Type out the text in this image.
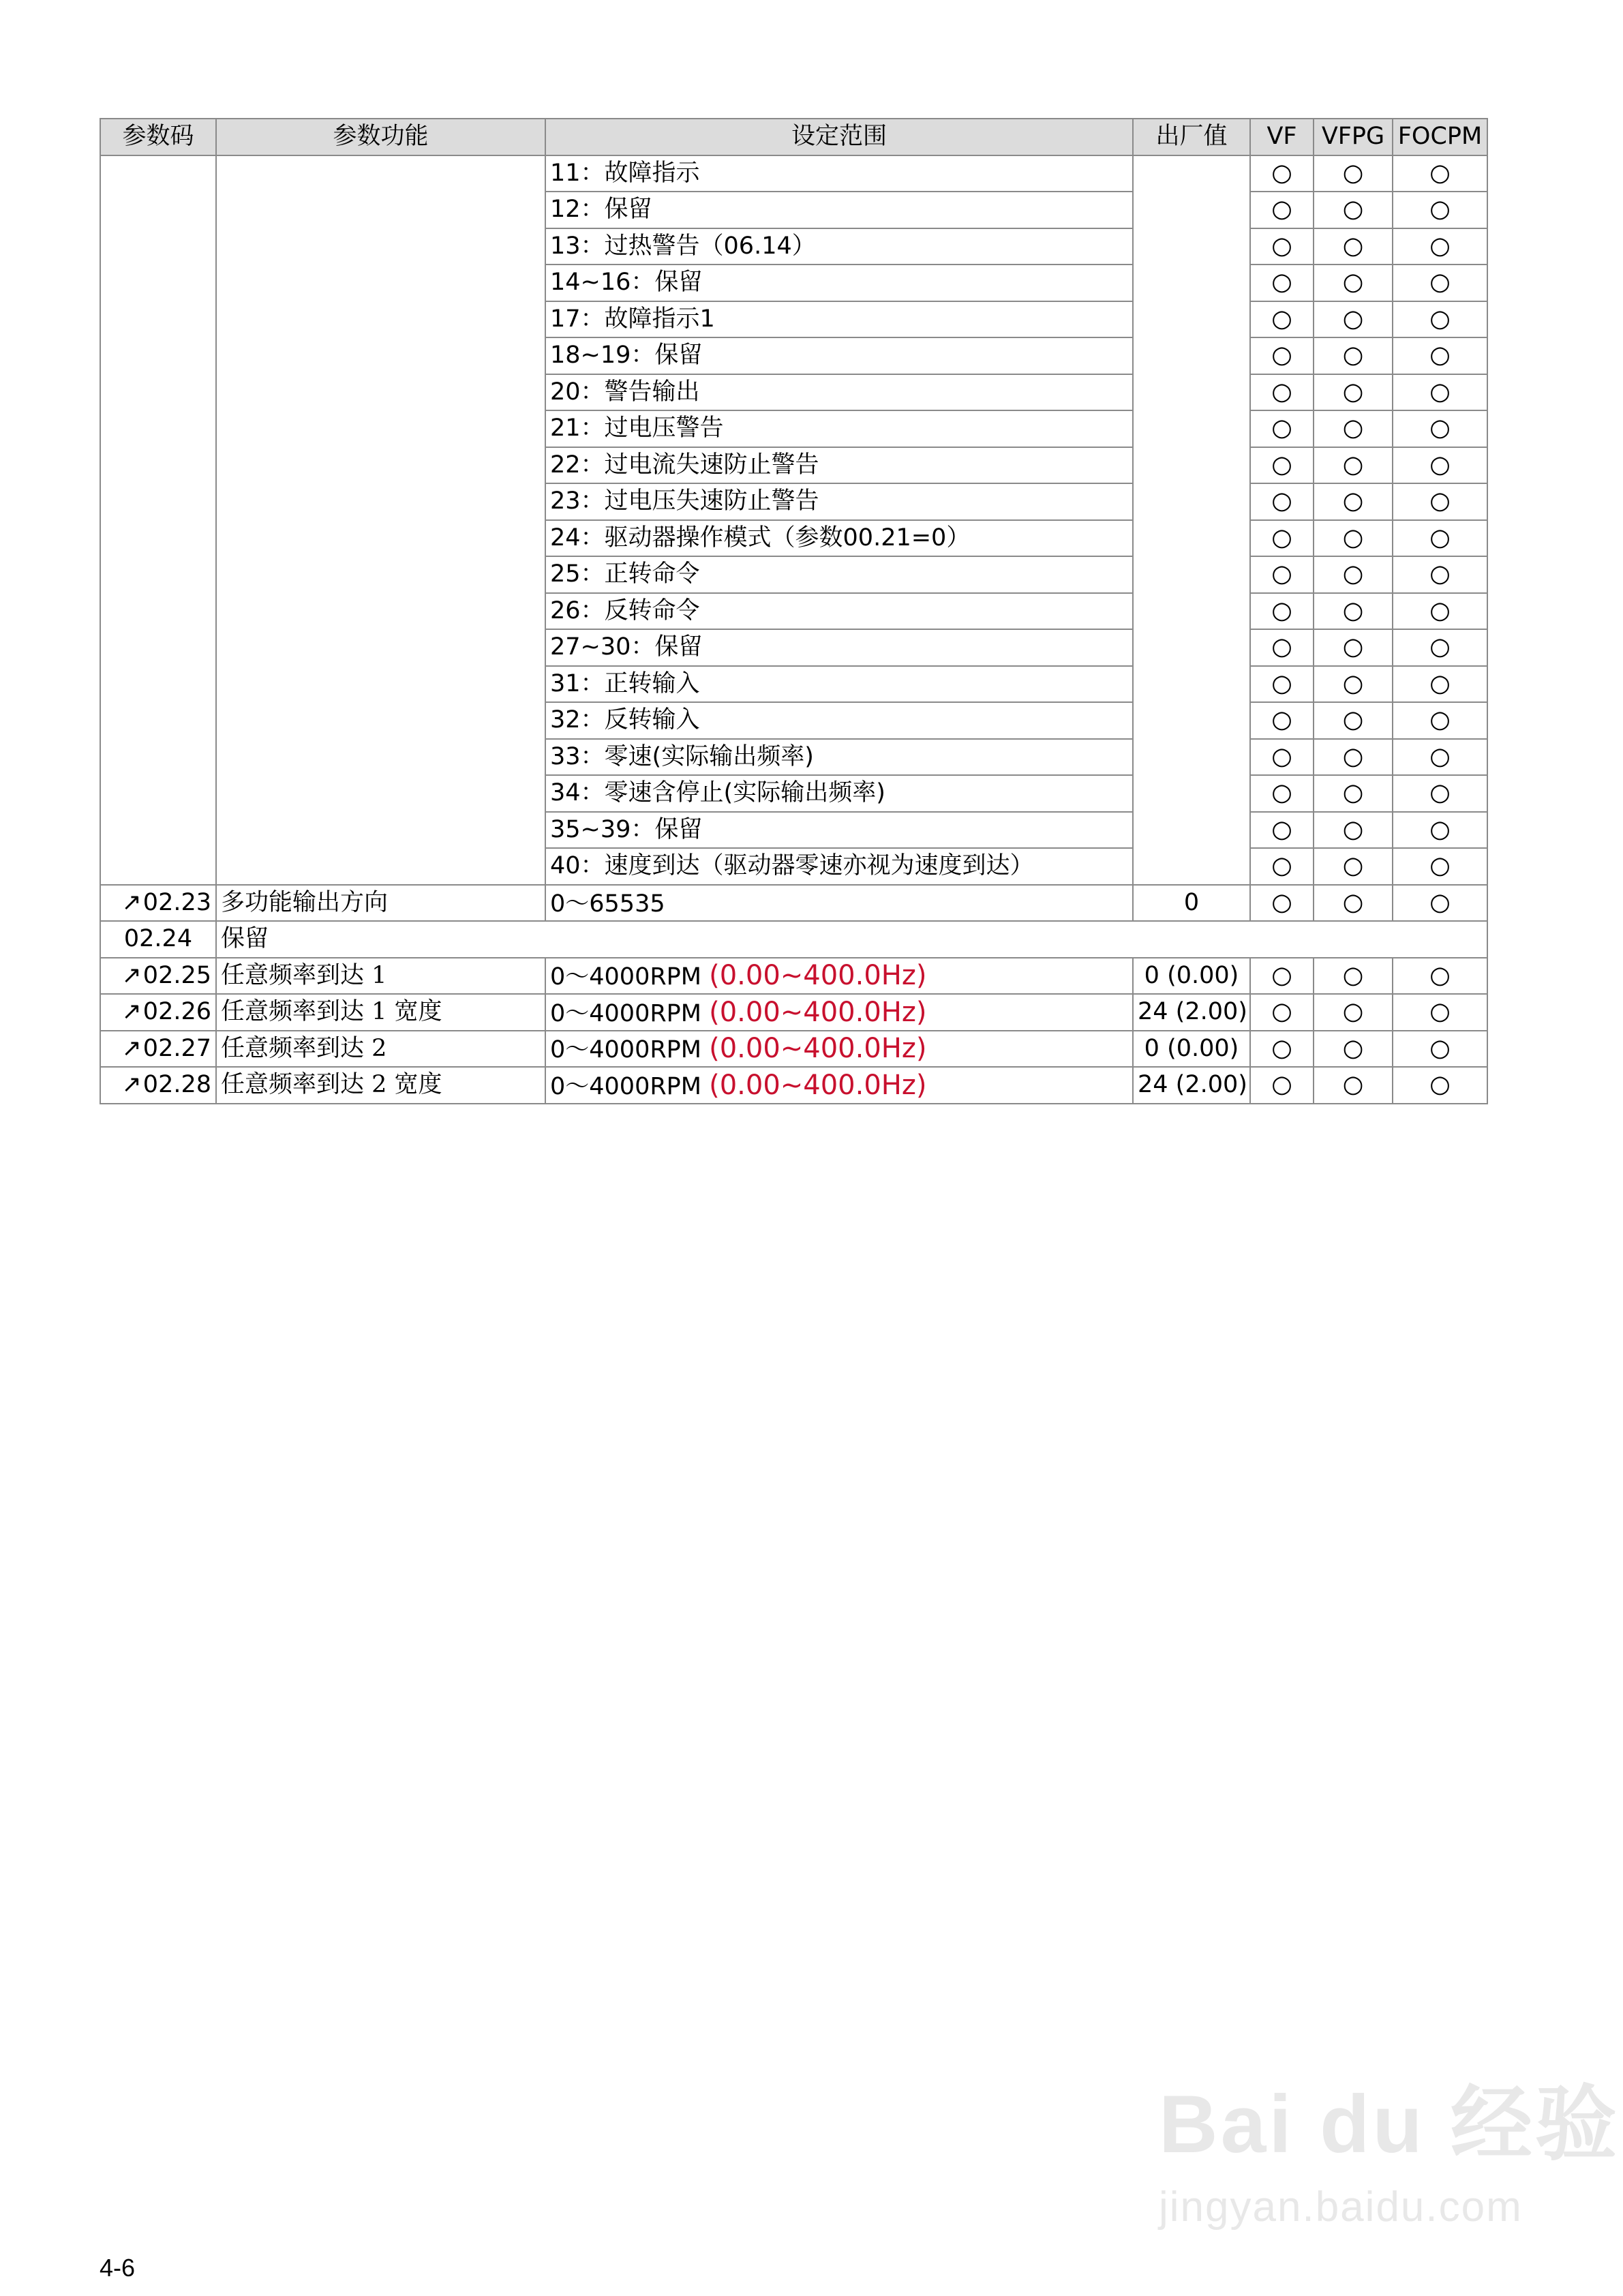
参数码	参数功能	设定范围	出厂值	VF	VFPG	FOCPM
		11：故障指示		○	○	○
		12：保留		○	○	○
		13：过热警告（06.14）		○	○	○
		14~16：保留		○	○	○
		17：故障指示1		○	○	○
		18~19：保留		○	○	○
		20：警告输出		○	○	○
		21：过电压警告		○	○	○
		22：过电流失速防止警告		○	○	○
		23：过电压失速防止警告		○	○	○
		24：驱动器操作模式（参数00.21=0）		○	○	○
		25：正转命令		○	○	○
		26：反转命令		○	○	○
		27~30：保留		○	○	○
		31：正转输入		○	○	○
		32：反转输入		○	○	○
		33：零速(实际输出频率)		○	○	○
		34：零速含停止(实际输出频率)		○	○	○
		35~39：保留		○	○	○
		40：速度到达（驱动器零速亦视为速度到达）		○	○	○
↗02.23	多功能输出方向	0～65535	0	○	○	○
02.24	保留					
↗02.25	任意频率到达 1	0～4000RPM (0.00~400.0Hz)	0 (0.00)	○	○	○
↗02.26	任意频率到达 1 宽度	0～4000RPM (0.00~400.0Hz)	24 (2.00)	○	○	○
↗02.27	任意频率到达 2	0～4000RPM (0.00~400.0Hz)	0 (0.00)	○	○	○
↗02.28	任意频率到达 2 宽度	0～4000RPM (0.00~400.0Hz)	24 (2.00)	○	○	○
4-6
Bai du 经验
jingyan.baidu.com
